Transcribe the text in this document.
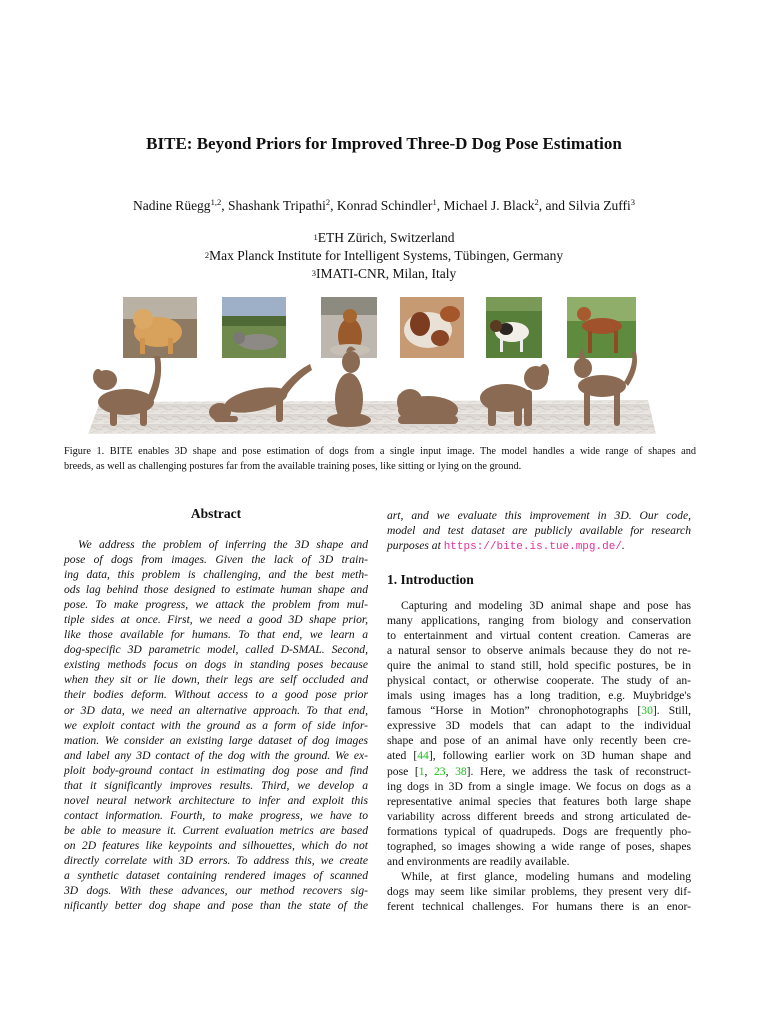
BITE: Beyond Priors for Improved Three-D Dog Pose Estimation
Nadine Rüegg$^{1,2}$, Shashank Tripathi$^2$, Konrad Schindler$^1$, Michael J. Black$^2$, and Silvia Zuffi$^3$
$^1$ETH Zürich, Switzerland
$^2$Max Planck Institute for Intelligent Systems, Tübingen, Germany
$^3$IMATI-CNR, Milan, Italy
Figure 1. BITE enables 3D shape and pose estimation of dogs from a single input image. The model handles a wide range of shapes and
breeds, as well as challenging postures far from the available training poses, like sitting or lying on the ground.
Abstract
We address the problem of inferring the 3D shape and
pose of dogs from images. Given the lack of 3D train-
ing data, this problem is challenging, and the best meth-
ods lag behind those designed to estimate human shape and
pose. To make progress, we attack the problem from mul-
tiple sides at once. First, we need a good 3D shape prior,
like those available for humans. To that end, we learn a
dog-specific 3D parametric model, called D-SMAL. Second,
existing methods focus on dogs in standing poses because
when they sit or lie down, their legs are self occluded and
their bodies deform. Without access to a good pose prior
or 3D data, we need an alternative approach. To that end,
we exploit contact with the ground as a form of side infor-
mation. We consider an existing large dataset of dog images
and label any 3D contact of the dog with the ground. We ex-
ploit body-ground contact in estimating dog pose and find
that it significantly improves results. Third, we develop a
novel neural network architecture to infer and exploit this
contact information. Fourth, to make progress, we have to
be able to measure it. Current evaluation metrics are based
on 2D features like keypoints and silhouettes, which do not
directly correlate with 3D errors. To address this, we create
a synthetic dataset containing rendered images of scanned
3D dogs. With these advances, our method recovers sig-
nificantly better dog shape and pose than the state of the
art, and we evaluate this improvement in 3D. Our code,
model and test dataset are publicly available for research
purposes at https://bite.is.tue.mpg.de/.
1. Introduction
Capturing and modeling 3D animal shape and pose has
many applications, ranging from biology and conservation
to entertainment and virtual content creation. Cameras are
a natural sensor to observe animals because they do not re-
quire the animal to stand still, hold specific postures, be in
physical contact, or otherwise cooperate. The study of an-
imals using images has a long tradition, e.g. Muybridge's
famous “Horse in Motion” chronophotographs [30]. Still,
expressive 3D models that can adapt to the individual
shape and pose of an animal have only recently been cre-
ated [44], following earlier work on 3D human shape and
pose [1, 23, 38]. Here, we address the task of reconstruct-
ing dogs in 3D from a single image. We focus on dogs as a
representative animal species that features both large shape
variability across different breeds and strong articulated de-
formations typical of quadrupeds. Dogs are frequently pho-
tographed, so images showing a wide range of poses, shapes
and environments are readily available.
While, at first glance, modeling humans and modeling
dogs may seem like similar problems, they present very dif-
ferent technical challenges. For humans there is an enor-
